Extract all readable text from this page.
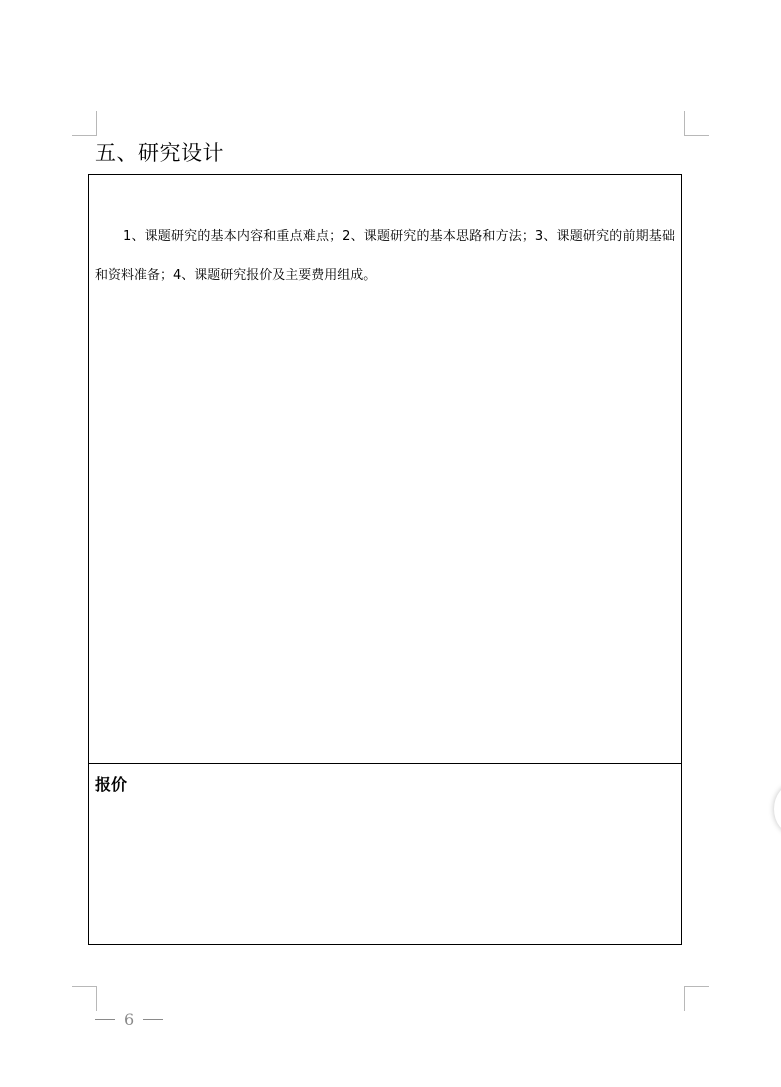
五、研究设计

1、课题研究的基本内容和重点难点；2、课题研究的基本思路和方法；3、课题研究的前期基础和资料准备；4、课题研究报价及主要费用组成。

报价

6
